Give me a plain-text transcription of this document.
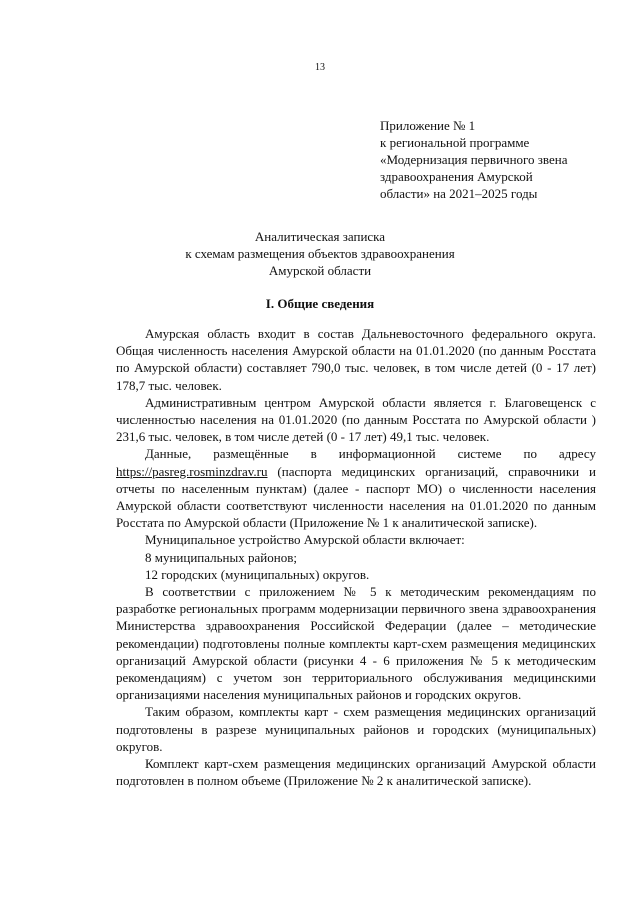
13
Приложение № 1
к региональной программе
«Модернизация первичного звена
здравоохранения Амурской
области» на 2021–2025 годы
Аналитическая записка
к схемам размещения объектов здравоохранения
Амурской области
I. Общие сведения

Амурская область входит в состав Дальневосточного федерального округа. Общая численность населения Амурской области на 01.01.2020 (по данным Росстата по Амурской области) составляет 790,0 тыс. человек, в том числе детей (0 - 17 лет) 178,7 тыс. человек.

Административным центром Амурской области является г. Благовещенск с численностью населения на 01.01.2020 (по данным Росстата по Амурской области ) 231,6 тыс. человек, в том числе детей (0 - 17 лет) 49,1 тыс. человек.

Данные, размещённые в информационной системе по адресу https://pasreg.rosminzdrav.ru (паспорта медицинских организаций, справочники и отчеты по населенным пунктам) (далее - паспорт МО) о численности населения Амурской области соответствуют численности населения на 01.01.2020 по данным Росстата по Амурской области (Приложение № 1 к аналитической записке).

Муниципальное устройство Амурской области включает:

8 муниципальных районов;

12 городских (муниципальных) округов.

В соответствии с приложением № 5 к методическим рекомендациям по разработке региональных программ модернизации первичного звена здравоохранения Министерства здравоохранения Российской Федерации (далее – методические рекомендации) подготовлены полные комплекты карт-схем размещения медицинских организаций Амурской области (рисунки 4 - 6 приложения № 5 к методическим рекомендациям) с учетом зон территориального обслуживания медицинскими организациями населения муниципальных районов и городских округов.

Таким образом, комплекты карт - схем размещения медицинских организаций подготовлены в разрезе муниципальных районов и городских (муниципальных) округов.

Комплект карт-схем размещения медицинских организаций Амурской области подготовлен в полном объеме (Приложение № 2 к аналитической записке).
